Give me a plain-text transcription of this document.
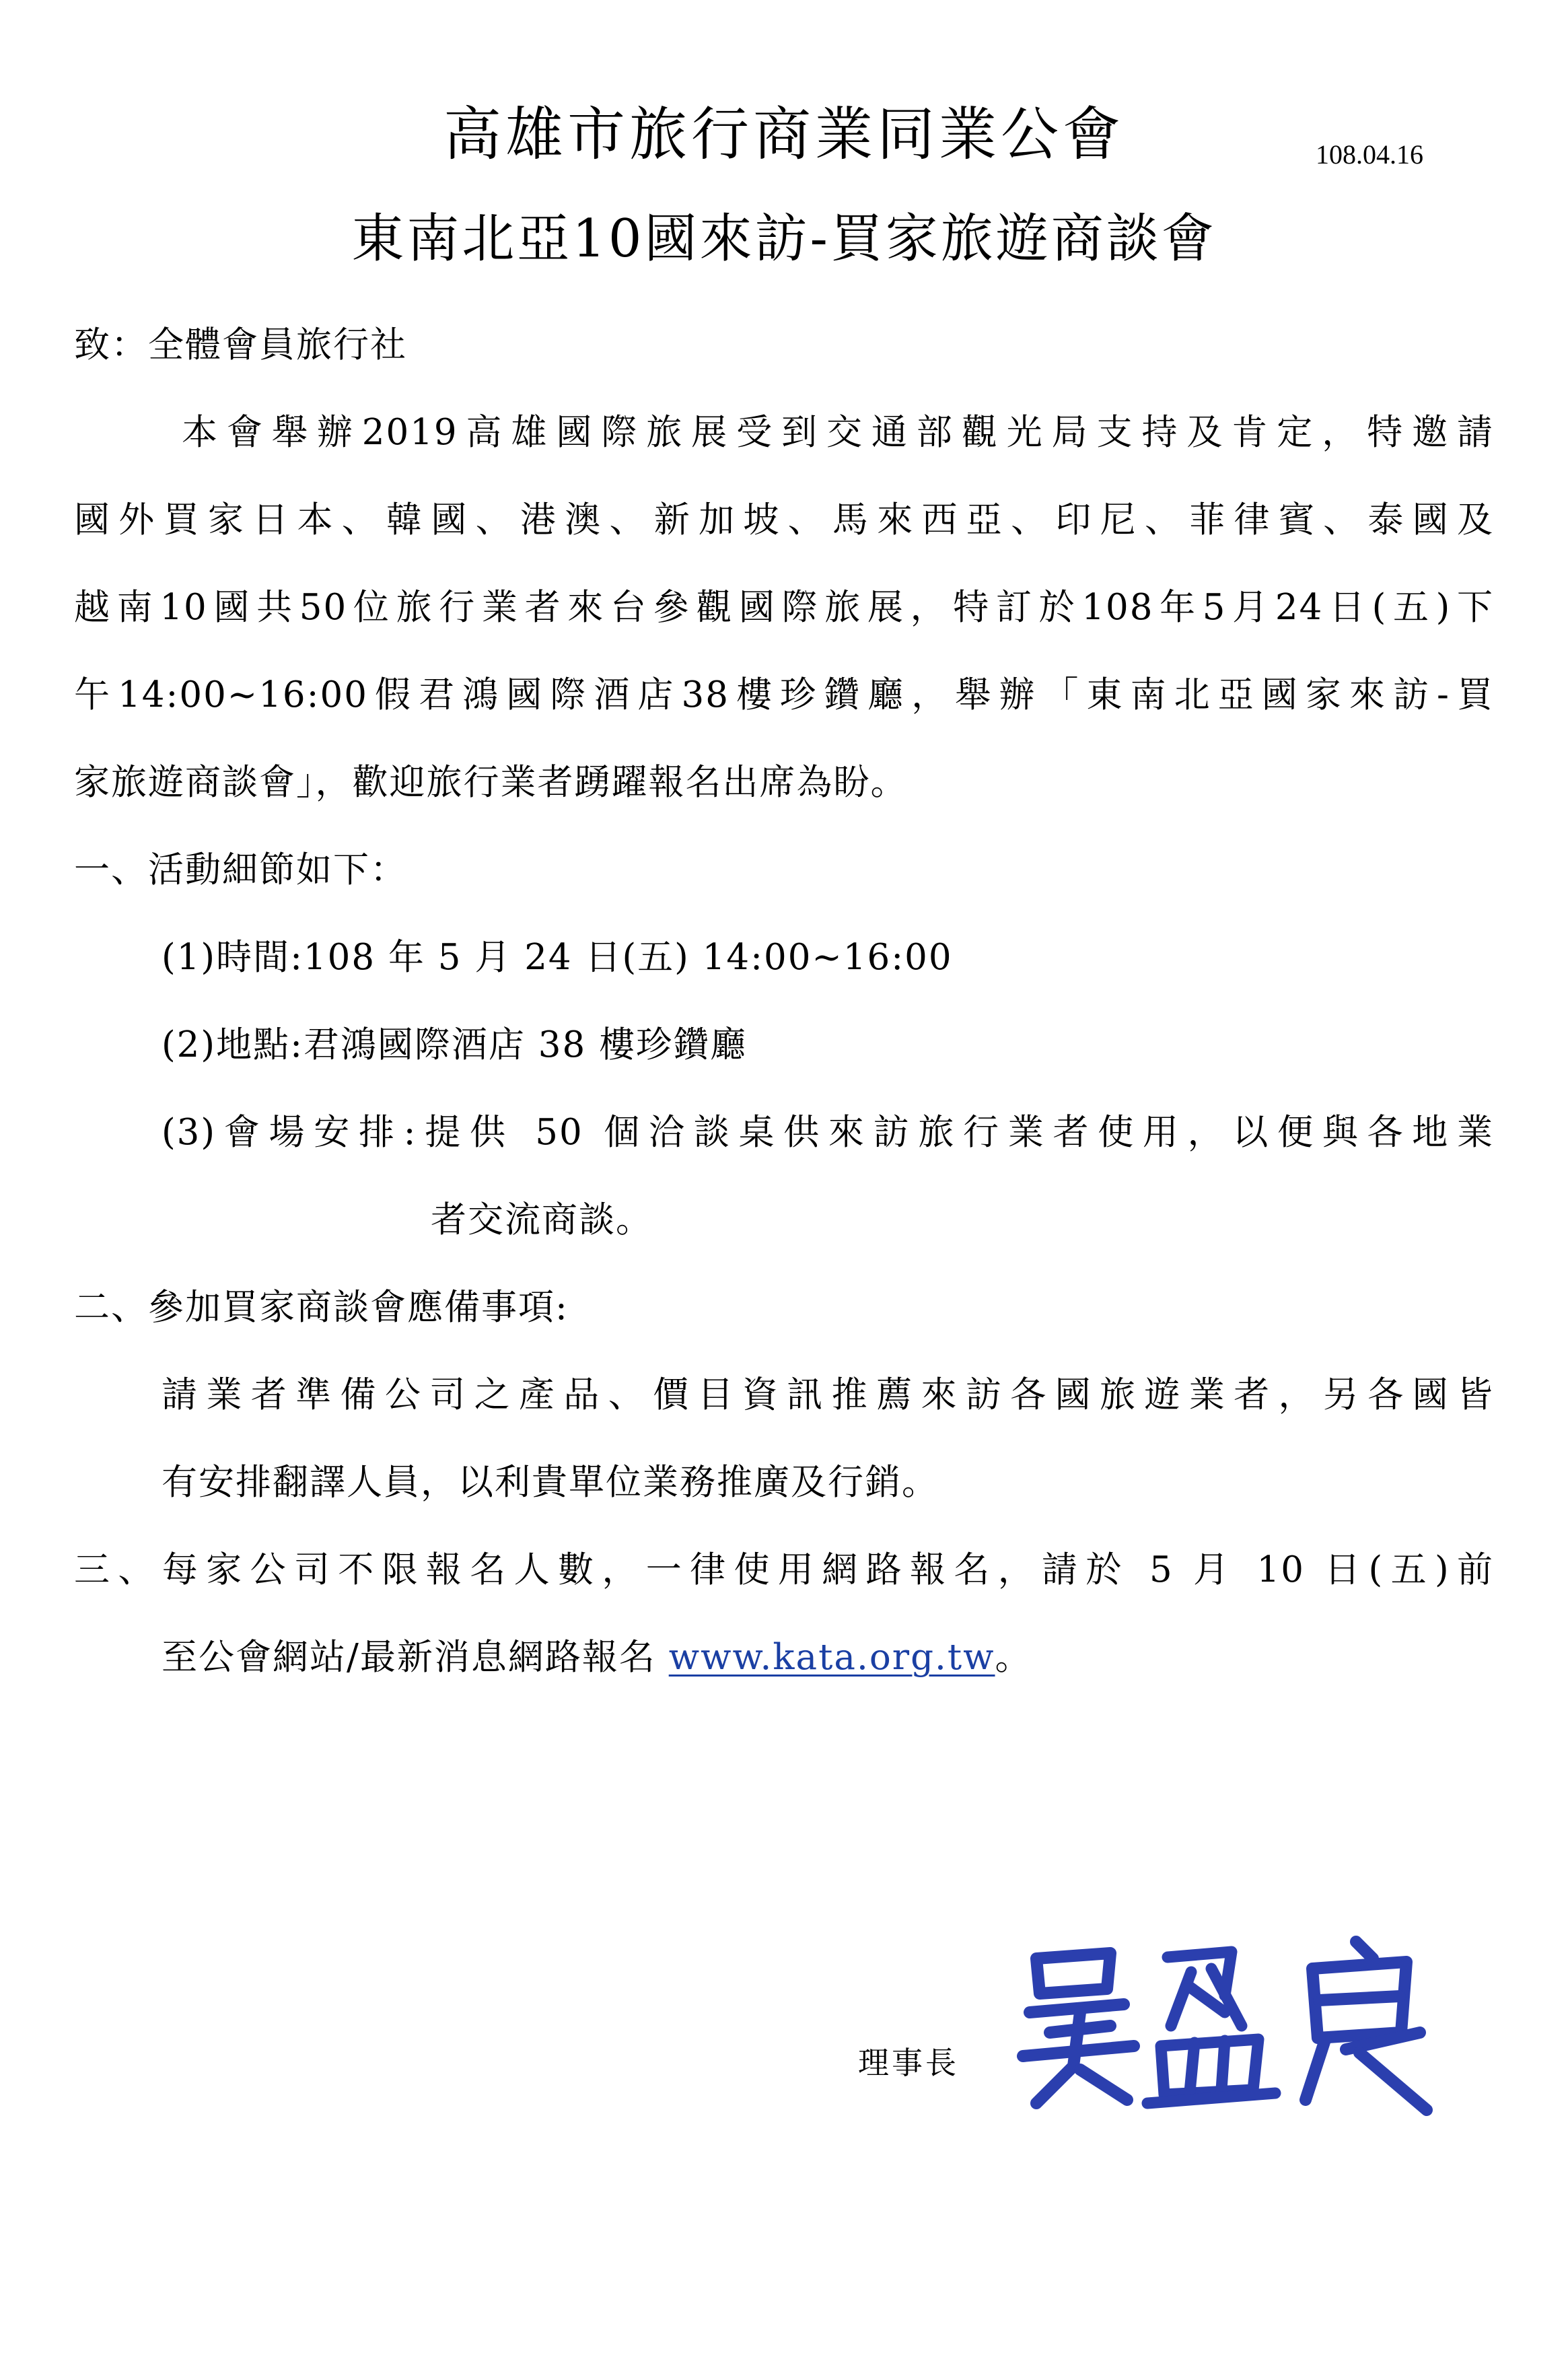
高雄市旅行商業同業公會	108.04.16
東南北亞10國來訪-買家旅遊商談會
致：全體會員旅行社
本會舉辦2019高雄國際旅展受到交通部觀光局支持及肯定，特邀請
國外買家日本、韓國、港澳、新加坡、馬來西亞、印尼、菲律賓、泰國及
越南10國共50位旅行業者來台參觀國際旅展，特訂於108年5月24日(五)下
午14:00~16:00假君鴻國際酒店38樓珍鑽廳，舉辦「東南北亞國家來訪-買
家旅遊商談會」，歡迎旅行業者踴躍報名出席為盼。
一、活動細節如下：
(1)時間:108 年 5 月 24 日(五) 14:00~16:00
(2)地點:君鴻國際酒店 38 樓珍鑽廳
(3)會場安排:提供 50 個洽談桌供來訪旅行業者使用，以便與各地業
者交流商談。
二、參加買家商談會應備事項:
請業者準備公司之產品、價目資訊推薦來訪各國旅遊業者，另各國皆
有安排翻譯人員，以利貴單位業務推廣及行銷。
三、每家公司不限報名人數，一律使用網路報名，請於 5 月 10 日(五)前
至公會網站/最新消息網路報名 www.kata.org.tw。
理事長
